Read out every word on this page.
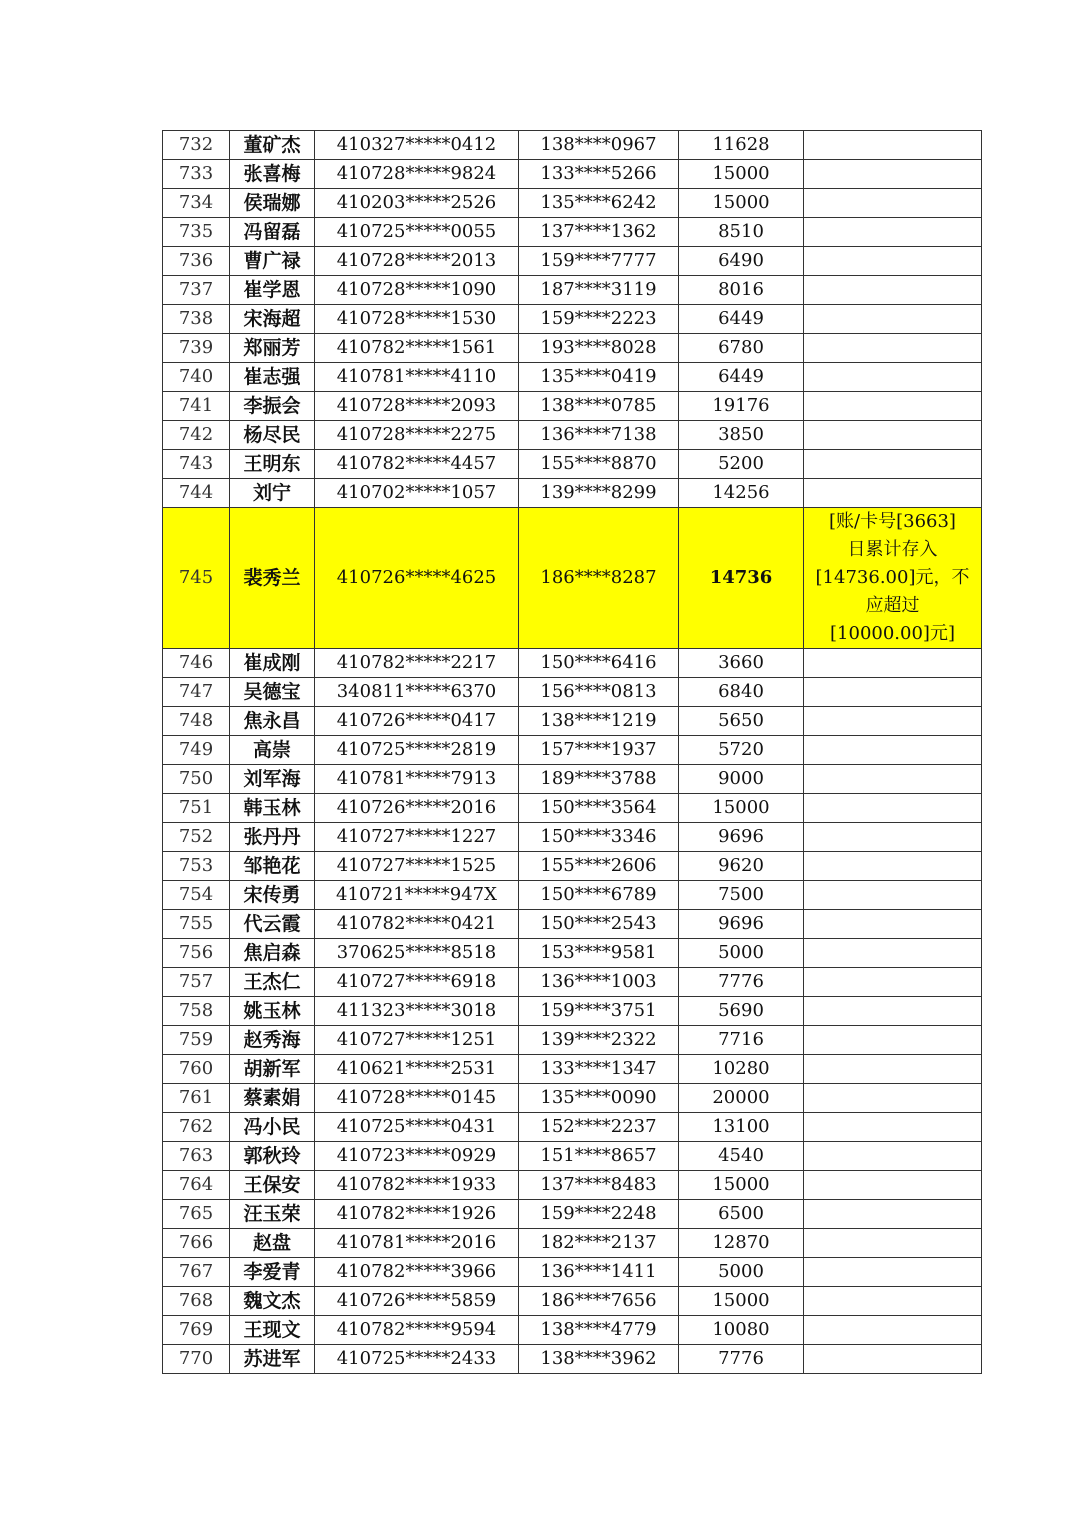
732	董矿杰	410327*****0412	138****0967	11628	
733	张喜梅	410728*****9824	133****5266	15000	
734	侯瑞娜	410203*****2526	135****6242	15000	
735	冯留磊	410725*****0055	137****1362	8510	
736	曹广禄	410728*****2013	159****7777	6490	
737	崔学恩	410728*****1090	187****3119	8016	
738	宋海超	410728*****1530	159****2223	6449	
739	郑丽芳	410782*****1561	193****8028	6780	
740	崔志强	410781*****4110	135****0419	6449	
741	李振会	410728*****2093	138****0785	19176	
742	杨尽民	410728*****2275	136****7138	3850	
743	王明东	410782*****4457	155****8870	5200	
744	刘宁	410702*****1057	139****8299	14256	
745	裴秀兰	410726*****4625	186****8287	14736	[账/卡号[3663]
日累计存入
[14736.00]元，不
应超过
[10000.00]元]

746	崔成刚	410782*****2217	150****6416	3660	
747	吴德宝	340811*****6370	156****0813	6840	
748	焦永昌	410726*****0417	138****1219	5650	
749	高崇	410725*****2819	157****1937	5720	
750	刘军海	410781*****7913	189****3788	9000	
751	韩玉林	410726*****2016	150****3564	15000	
752	张丹丹	410727*****1227	150****3346	9696	
753	邹艳花	410727*****1525	155****2606	9620	
754	宋传勇	410721*****947X	150****6789	7500	
755	代云霞	410782*****0421	150****2543	9696	
756	焦启森	370625*****8518	153****9581	5000	
757	王杰仁	410727*****6918	136****1003	7776	
758	姚玉林	411323*****3018	159****3751	5690	
759	赵秀海	410727*****1251	139****2322	7716	
760	胡新军	410621*****2531	133****1347	10280	
761	蔡素娟	410728*****0145	135****0090	20000	
762	冯小民	410725*****0431	152****2237	13100	
763	郭秋玲	410723*****0929	151****8657	4540	
764	王保安	410782*****1933	137****8483	15000	
765	汪玉荣	410782*****1926	159****2248	6500	
766	赵盘	410781*****2016	182****2137	12870	
767	李爱青	410782*****3966	136****1411	5000	
768	魏文杰	410726*****5859	186****7656	15000	
769	王现文	410782*****9594	138****4779	10080	
770	苏进军	410725*****2433	138****3962	7776	
